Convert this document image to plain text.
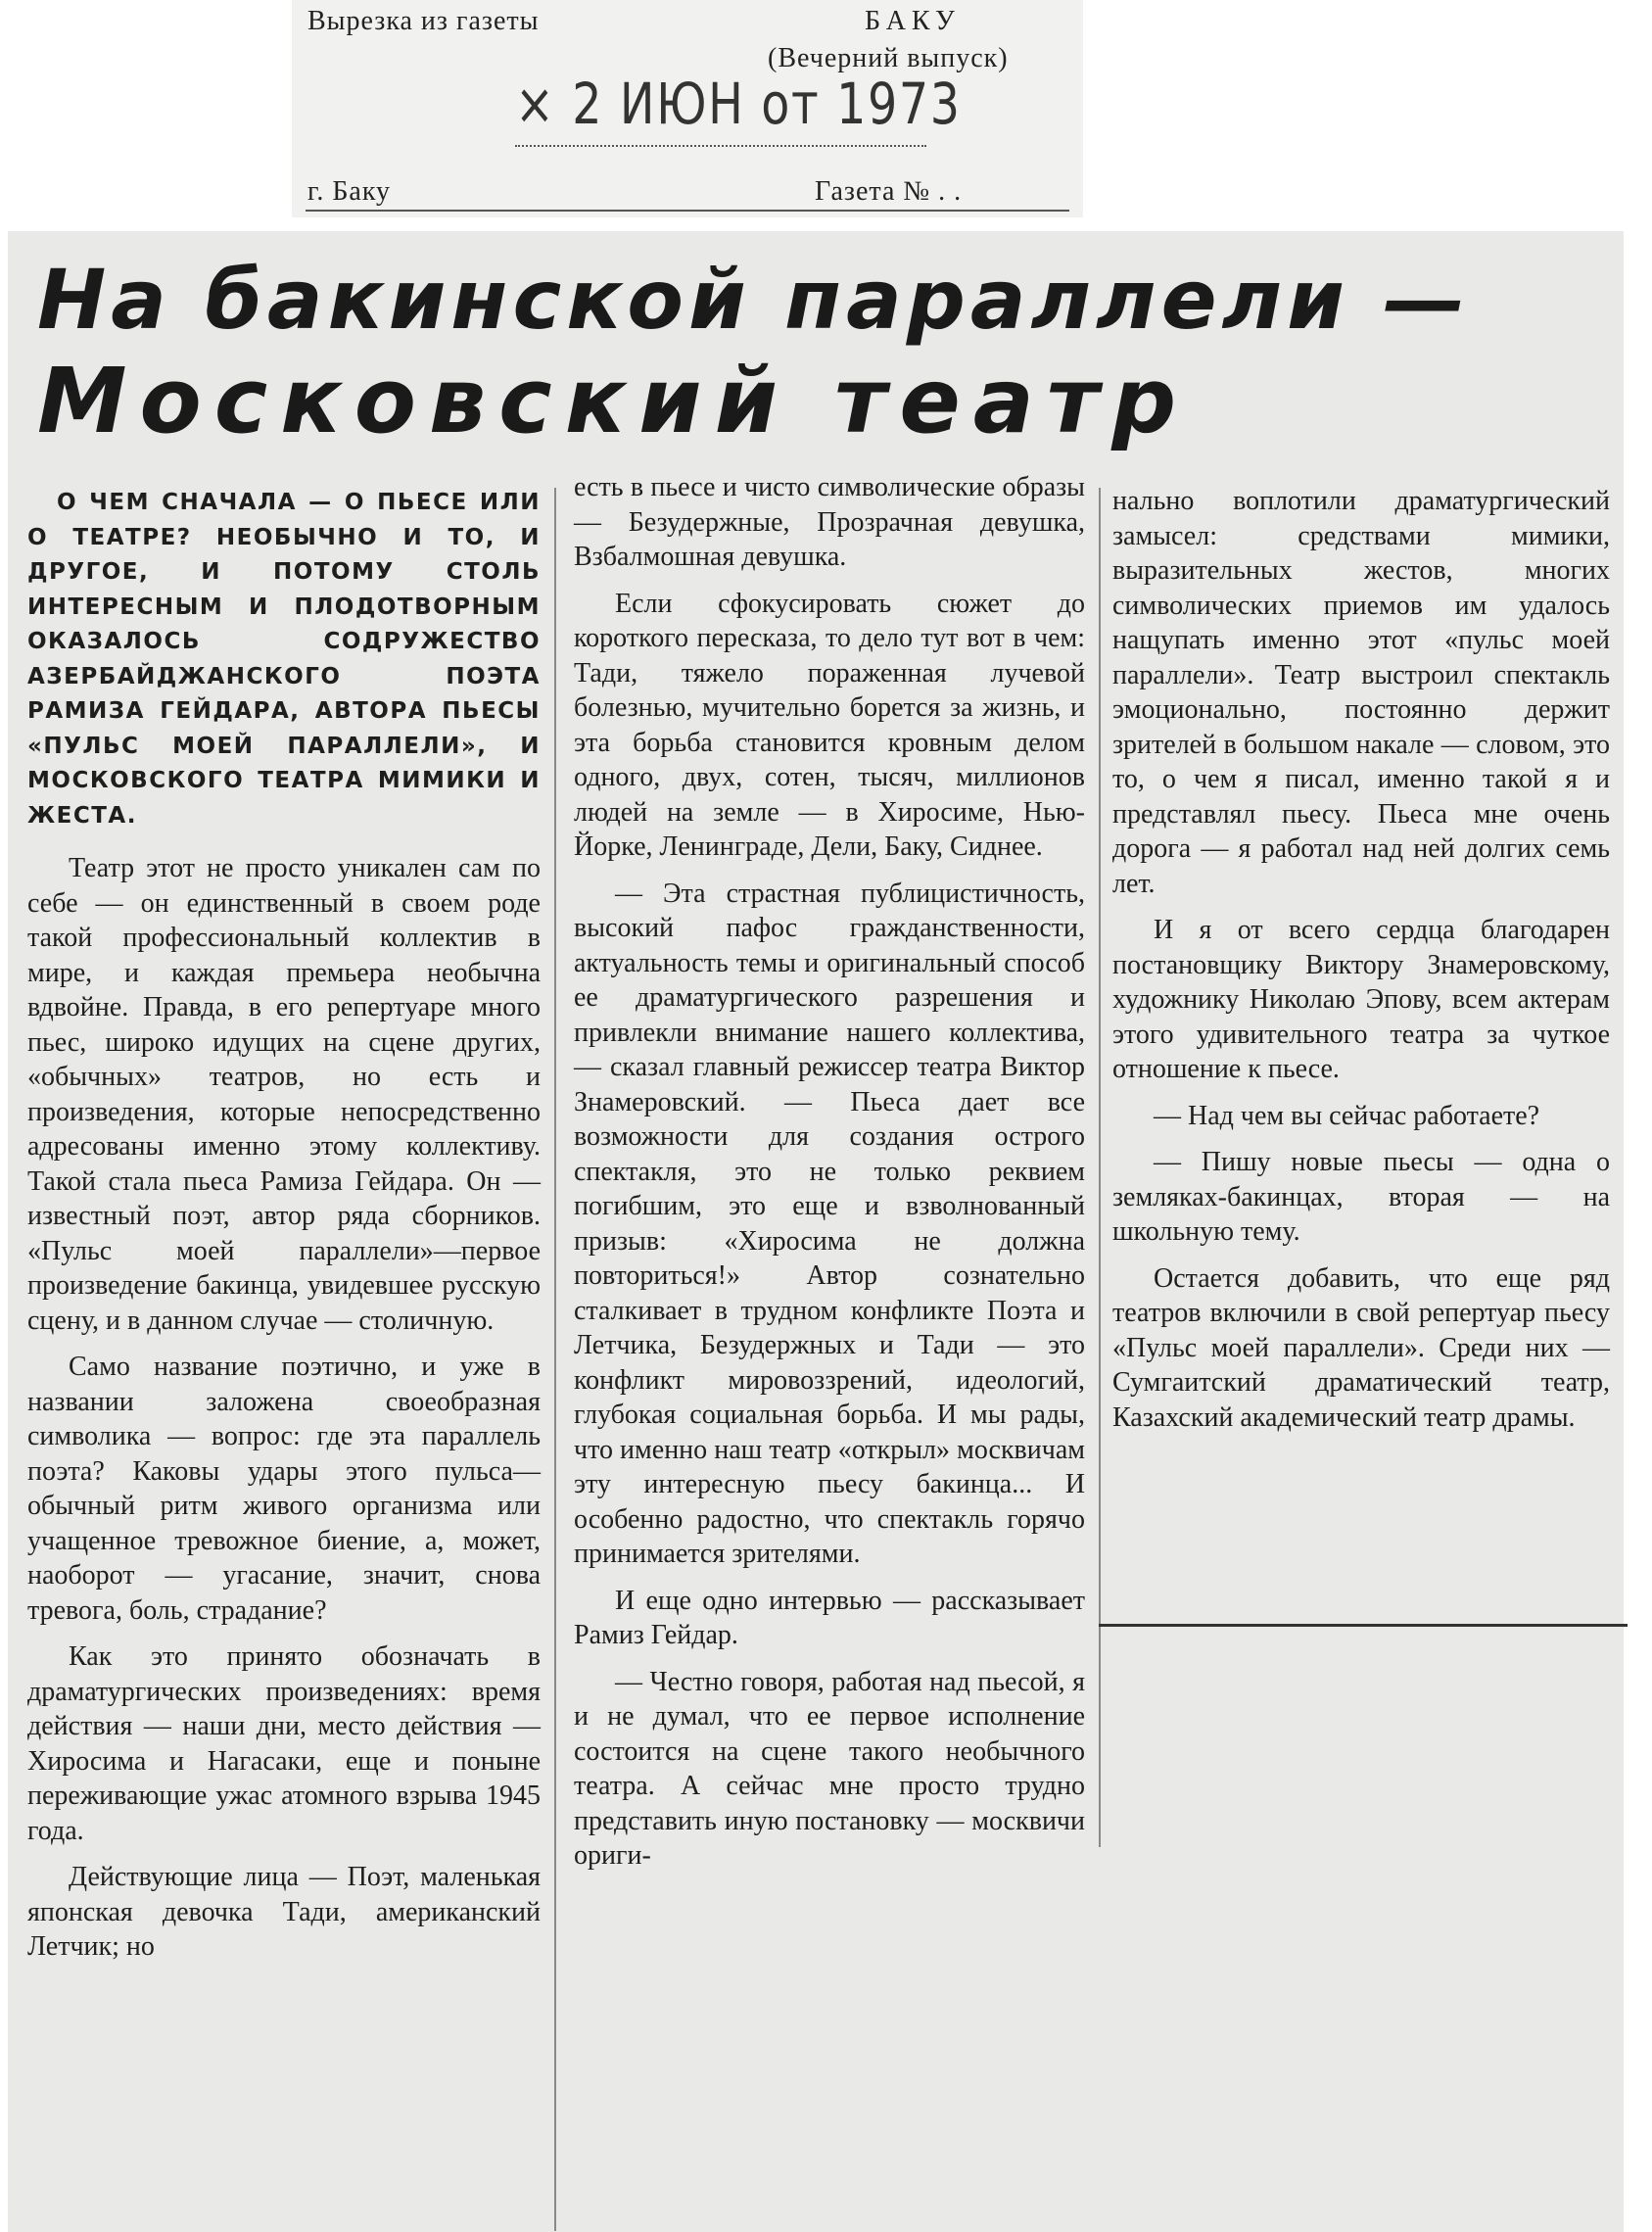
Вырезка из газеты	БАКУ
(Вечерний выпуск)
× 2 ИЮН от 1973
г. Баку	Газета № . .
На бакинской параллели —
Московский театр

О ЧЕМ СНАЧАЛА — О ПЬЕСЕ ИЛИ О ТЕАТРЕ? НЕОБЫЧНО И ТО, И ДРУГОЕ, И ПОТОМУ СТОЛЬ ИНТЕРЕСНЫМ И ПЛОДОТВОРНЫМ ОКАЗАЛОСЬ СОДРУЖЕСТВО АЗЕРБАЙДЖАНСКОГО ПОЭТА РАМИЗА ГЕЙДАРА, АВТОРА ПЬЕСЫ «ПУЛЬС МОЕЙ ПАРАЛЛЕЛИ», И МОСКОВСКОГО ТЕАТРА МИМИКИ И ЖЕСТА.

Театр этот не просто уникален сам по себе — он единственный в своем роде такой профессиональный коллектив в мире, и каждая премьера необычна вдвойне. Правда, в его репертуаре много пьес, широко идущих на сцене других, «обычных» театров, но есть и произведения, которые непосредственно адресованы именно этому коллективу. Такой стала пьеса Рамиза Гейдара. Он — известный поэт, автор ряда сборников. «Пульс моей параллели»—первое произведение бакинца, увидевшее русскую сцену, и в данном случае — столичную.

Само название поэтично, и уже в названии заложена своеобразная символика — вопрос: где эта параллель поэта? Каковы удары этого пульса—обычный ритм живого организма или учащенное тревожное биение, а, может, наоборот — угасание, значит, снова тревога, боль, страдание?

Как это принято обозначать в драматургических произведениях: время действия — наши дни, место действия — Хиросима и Нагасаки, еще и поныне переживающие ужас атомного взрыва 1945 года.

Действующие лица — Поэт, маленькая японская девочка Тади, американский Летчик; но

есть в пьесе и чисто символические образы — Безудержные, Прозрачная девушка, Взбалмошная девушка.

Если сфокусировать сюжет до короткого пересказа, то дело тут вот в чем: Тади, тяжело пораженная лучевой болезнью, мучительно борется за жизнь, и эта борьба становится кровным делом одного, двух, сотен, тысяч, миллионов людей на земле — в Хиросиме, Нью-Йорке, Ленинграде, Дели, Баку, Сиднее.

— Эта страстная публицистичность, высокий пафос гражданственности, актуальность темы и оригинальный способ ее драматургического разрешения и привлекли внимание нашего коллектива, — сказал главный режиссер театра Виктор Знамеровский. — Пьеса дает все возможности для создания острого спектакля, это не только реквием погибшим, это еще и взволнованный призыв: «Хиросима не должна повториться!» Автор сознательно сталкивает в трудном конфликте Поэта и Летчика, Безудержных и Тади — это конфликт мировоззрений, идеологий, глубокая социальная борьба. И мы рады, что именно наш театр «открыл» москвичам эту интересную пьесу бакинца... И особенно радостно, что спектакль горячо принимается зрителями.

И еще одно интервью — рассказывает Рамиз Гейдар.

— Честно говоря, работая над пьесой, я и не думал, что ее первое исполнение состоится на сцене такого необычного театра. А сейчас мне просто трудно представить иную постановку — москвичи ориги-

нально воплотили драматургический замысел: средствами мимики, выразительных жестов, многих символических приемов им удалось нащупать именно этот «пульс моей параллели». Театр выстроил спектакль эмоционально, постоянно держит зрителей в большом накале — словом, это то, о чем я писал, именно такой я и представлял пьесу. Пьеса мне очень дорога — я работал над ней долгих семь лет.

И я от всего сердца благодарен постановщику Виктору Знамеровскому, художнику Николаю Эпову, всем актерам этого удивительного театра за чуткое отношение к пьесе.

— Над чем вы сейчас работаете?

— Пишу новые пьесы — одна о земляках-бакинцах, вторая — на школьную тему.

Остается добавить, что еще ряд театров включили в свой репертуар пьесу «Пульс моей параллели». Среди них — Сумгаитский драматический театр, Казахский академический театр драмы.
